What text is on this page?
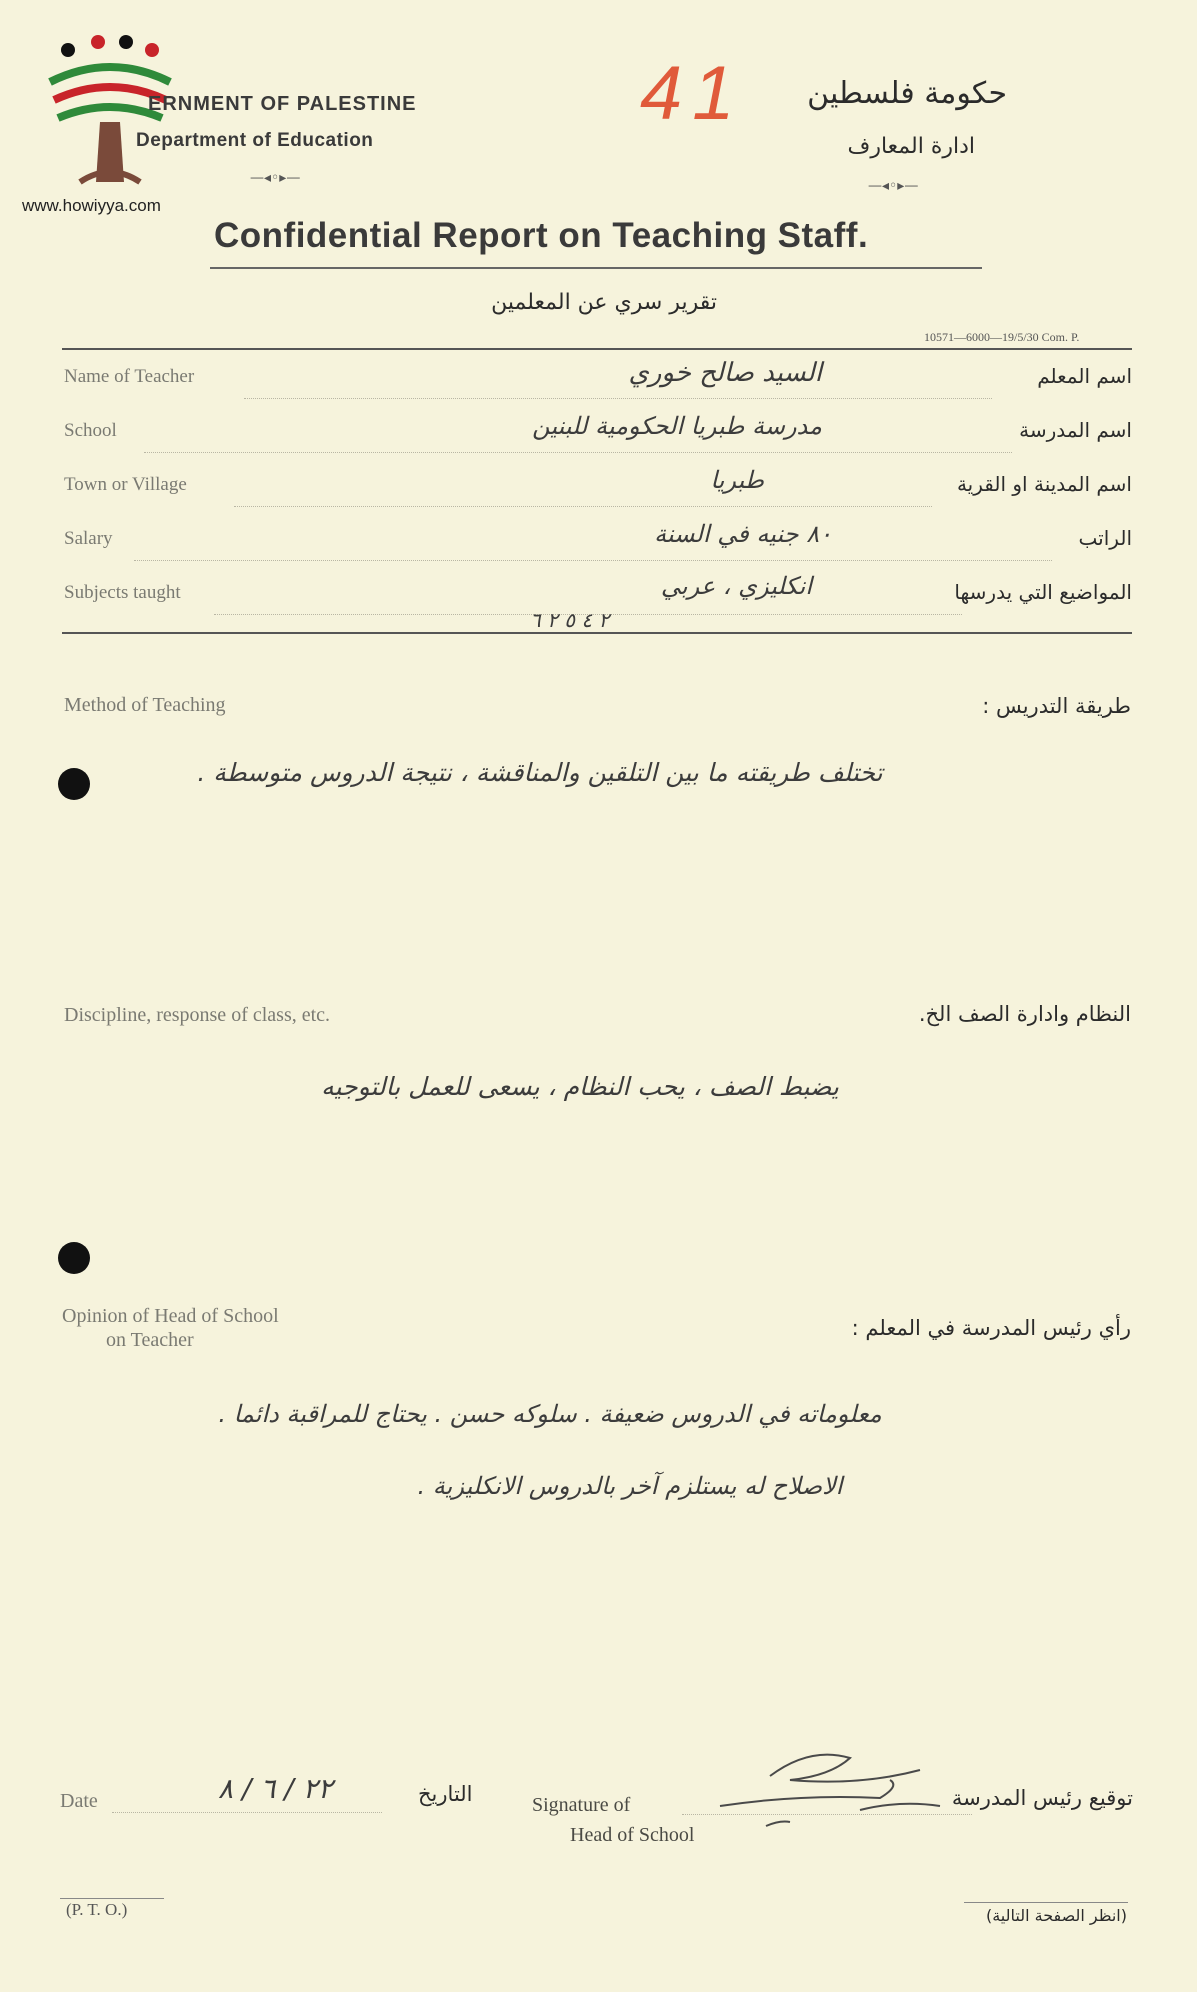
www.howiyya.com
ERNMENT OF PALESTINE
Department of Education
—◂◦▸—
41 حكومة فلسطين
ادارة المعارف
—◂◦▸—
Confidential Report on Teaching Staff.
تقرير سري عن المعلمين
10571—6000—19/5/30 Com. P.
Name of Teacher	السيد صالح خوري	اسم المعلم
School	مدرسة طبريا الحكومية للبنين	اسم المدرسة
Town or Village	طبريا	اسم المدينة او القرية
Salary	٨٠ جنيه في السنة	الراتب
Subjects taught	انكليزي ، عربي	المواضيع التي يدرسها
٢ ٤ ٥ ٢ ٦
Method of Teaching	طريقة التدريس :
تختلف طريقته ما بين التلقين والمناقشة ، نتيجة الدروس متوسطة .
Discipline, response of class, etc.	النظام وادارة الصف الخ.
يضبط الصف ، يحب النظام ، يسعى للعمل بالتوجيه
Opinion of Head of School
on Teacher	رأي رئيس المدرسة في المعلم :
معلوماته في الدروس ضعيفة . سلوكه حسن . يحتاج للمراقبة دائما .
الاصلاح له يستلزم آخر بالدروس الانكليزية .
Date	٢٢ / ٦ / ٨	التاريخ	Signature of
Head of School
توقيع رئيس المدرسة
(P. T. O.)	(انظر الصفحة التالية)
